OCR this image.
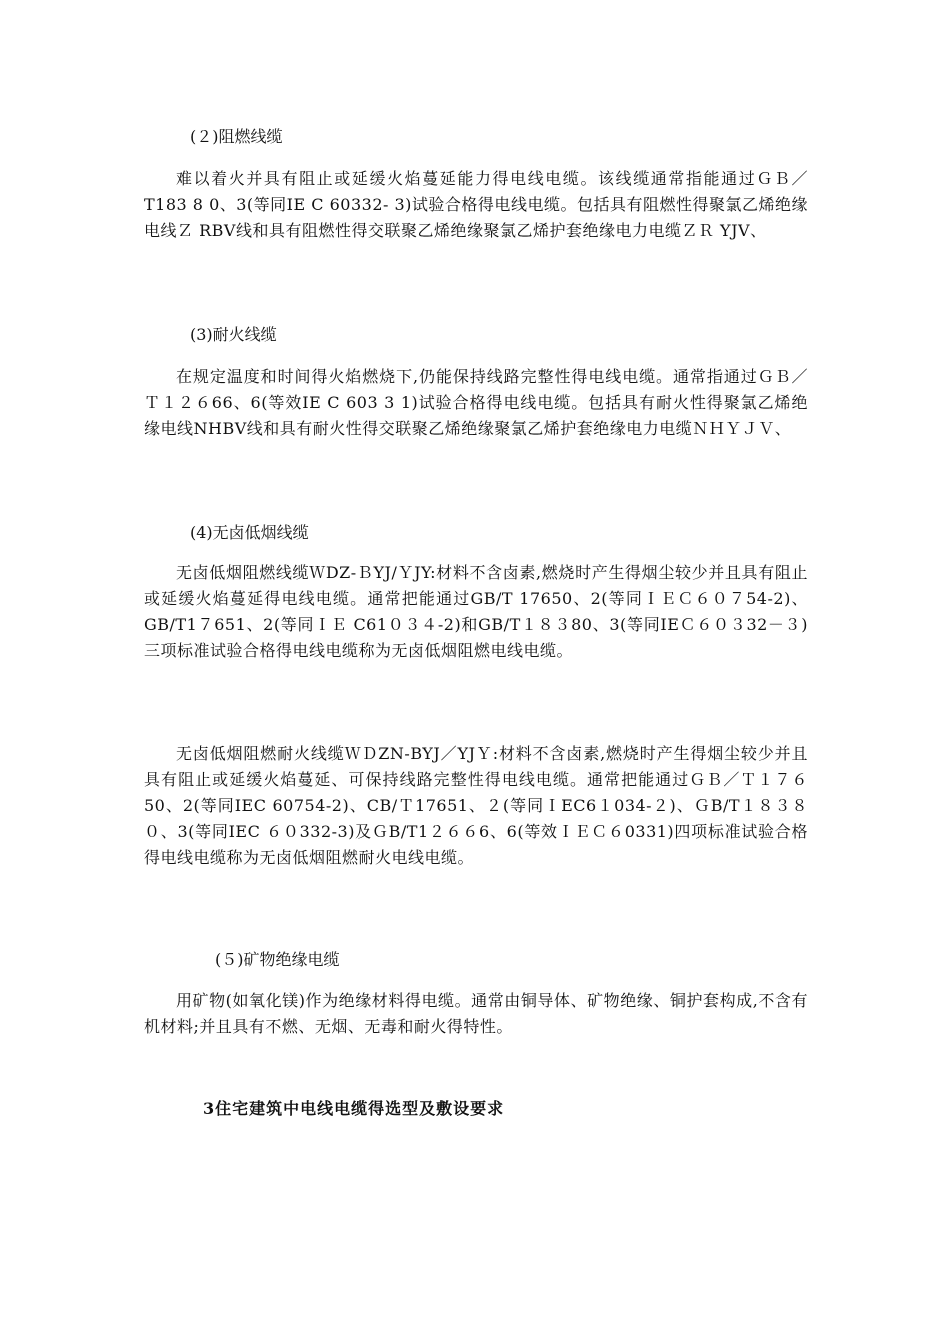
(２)阻燃线缆

难以着火并具有阻止或延缓火焰蔓延能力得电线电缆。该线缆通常指能通过ＧＢ／T183 8 0、3(等同IE C 60332- 3)试验合格得电线电缆。包括具有阻燃性得聚氯乙烯绝缘电线Ｚ RBV线和具有阻燃性得交联聚乙烯绝缘聚氯乙烯护套绝缘电力电缆ＺＲ YJV、

(3)耐火线缆

在规定温度和时间得火焰燃烧下,仍能保持线路完整性得电线电缆。通常指通过ＧＢ／Ｔ１２６66、6(等效IE C 603 3 1)试验合格得电线电缆。包括具有耐火性得聚氯乙烯绝缘电线NHBV线和具有耐火性得交联聚乙烯绝缘聚氯乙烯护套绝缘电力电缆ＮＨＹＪＶ、

(4)无卤低烟线缆

无卤低烟阻燃线缆ＷDZ-ＢYJ/ＹJY:材料不含卤素,燃烧时产生得烟尘较少并且具有阻止或延缓火焰蔓延得电线电缆。通常把能通过GB/T 17650、2(等同ＩＥＣ６０７54-2)、GB/T1７651、2(等同ＩＥ C61０３４-2)和GB/T１８３80、3(等同IEＣ６０３32－３)三项标准试验合格得电线电缆称为无卤低烟阻燃电线电缆。

无卤低烟阻燃耐火线缆ＷＤZN-BYJ／YJＹ:材料不含卤素,燃烧时产生得烟尘较少并且具有阻止或延缓火焰蔓延、可保持线路完整性得电线电缆。通常把能通过ＧＢ／Ｔ１７６50、2(等同IEC 60754-2)、CB/Ｔ17651、２(等同ＩEC6１034-２)、ＧB/T１８３８０、3(等同IEC ６０332-3)及ＧB/T1２６６6、6(等效ＩＥＣ６0331)四项标准试验合格得电线电缆称为无卤低烟阻燃耐火电线电缆。

(５)矿物绝缘电缆

用矿物(如氧化镁)作为绝缘材料得电缆。通常由铜导体、矿物绝缘、铜护套构成,不含有机材料;并且具有不燃、无烟、无毒和耐火得特性。

3住宅建筑中电线电缆得选型及敷设要求
